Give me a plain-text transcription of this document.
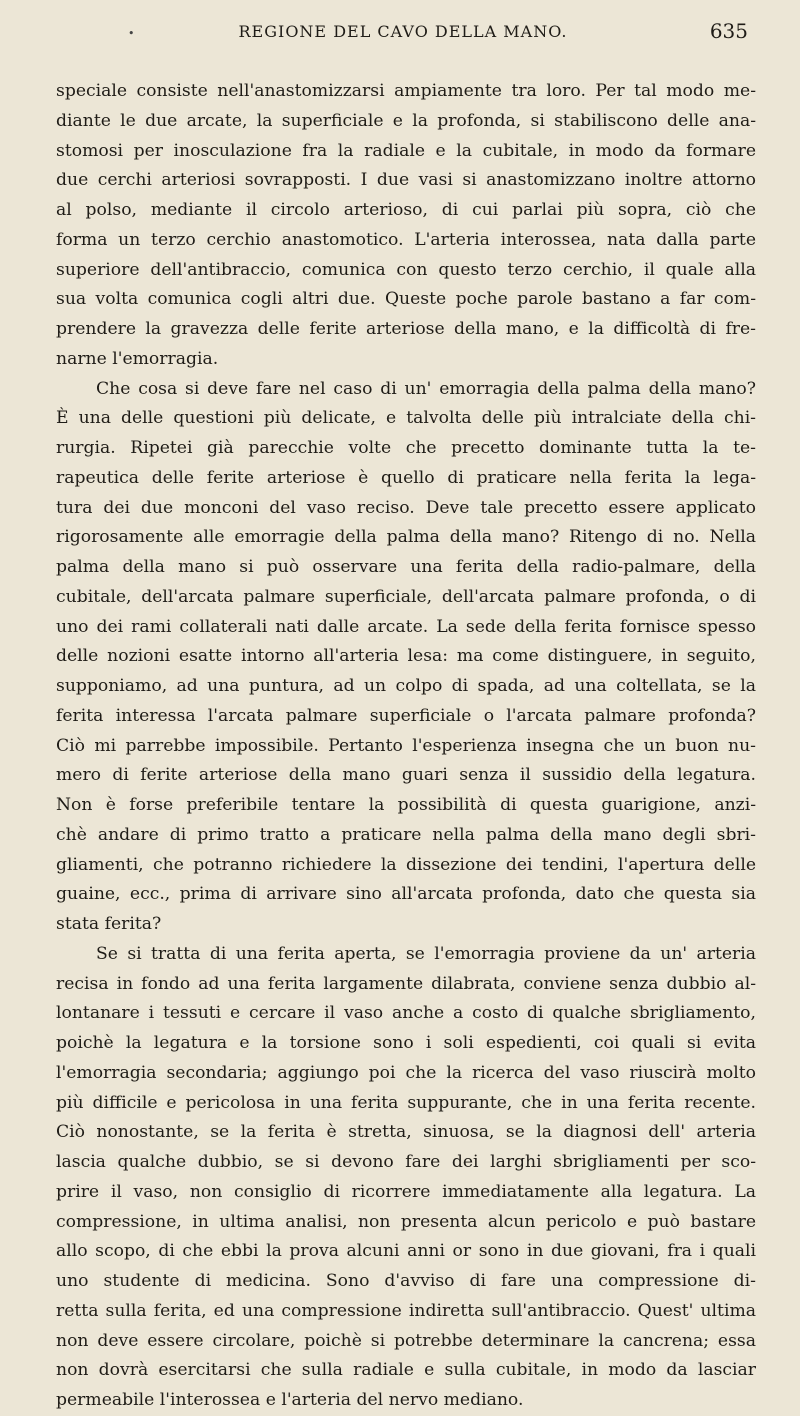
•	REGIONE DEL CAVO DELLA MANO.	635
speciale consiste nell'anastomizzarsi ampiamente tra loro. Per tal modo me-
diante le due arcate, la superficiale e la profonda, si stabiliscono delle ana-
stomosi per inosculazione fra la radiale e la cubitale, in modo da formare
due cerchi arteriosi sovrapposti. I due vasi si anastomizzano inoltre attorno
al polso, mediante il circolo arterioso, di cui parlai più sopra, ciò che
forma un terzo cerchio anastomotico. L'arteria interossea, nata dalla parte
superiore dell'antibraccio, comunica con questo terzo cerchio, il quale alla
sua volta comunica cogli altri due. Queste poche parole bastano a far com-
prendere la gravezza delle ferite arteriose della mano, e la difficoltà di fre-
narne l'emorragia.
Che cosa si deve fare nel caso di un' emorragia della palma della mano?
È una delle questioni più delicate, e talvolta delle più intralciate della chi-
rurgia. Ripetei già parecchie volte che precetto dominante tutta la te-
rapeutica delle ferite arteriose è quello di praticare nella ferita la lega-
tura dei due monconi del vaso reciso. Deve tale precetto essere applicato
rigorosamente alle emorragie della palma della mano? Ritengo di no. Nella
palma della mano si può osservare una ferita della radio-palmare, della
cubitale, dell'arcata palmare superficiale, dell'arcata palmare profonda, o di
uno dei rami collaterali nati dalle arcate. La sede della ferita fornisce spesso
delle nozioni esatte intorno all'arteria lesa: ma come distinguere, in seguito,
supponiamo, ad una puntura, ad un colpo di spada, ad una coltellata, se la
ferita interessa l'arcata palmare superficiale o l'arcata palmare profonda?
Ciò mi parrebbe impossibile. Pertanto l'esperienza insegna che un buon nu-
mero di ferite arteriose della mano guari senza il sussidio della legatura.
Non è forse preferibile tentare la possibilità di questa guarigione, anzi-
chè andare di primo tratto a praticare nella palma della mano degli sbri-
gliamenti, che potranno richiedere la dissezione dei tendini, l'apertura delle
guaine, ecc., prima di arrivare sino all'arcata profonda, dato che questa sia
stata ferita?
Se si tratta di una ferita aperta, se l'emorragia proviene da un' arteria
recisa in fondo ad una ferita largamente dilabrata, conviene senza dubbio al-
lontanare i tessuti e cercare il vaso anche a costo di qualche sbrigliamento,
poichè la legatura e la torsione sono i soli espedienti, coi quali si evita
l'emorragia secondaria; aggiungo poi che la ricerca del vaso riuscirà molto
più difficile e pericolosa in una ferita suppurante, che in una ferita recente.
Ciò nonostante, se la ferita è stretta, sinuosa, se la diagnosi dell' arteria
lascia qualche dubbio, se si devono fare dei larghi sbrigliamenti per sco-
prire il vaso, non consiglio di ricorrere immediatamente alla legatura. La
compressione, in ultima analisi, non presenta alcun pericolo e può bastare
allo scopo, di che ebbi la prova alcuni anni or sono in due giovani, fra i quali
uno studente di medicina. Sono d'avviso di fare una compressione di-
retta sulla ferita, ed una compressione indiretta sull'antibraccio. Quest' ultima
non deve essere circolare, poichè si potrebbe determinare la cancrena; essa
non dovrà esercitarsi che sulla radiale e sulla cubitale, in modo da lasciar
permeabile l'interossea e l'arteria del nervo mediano.
